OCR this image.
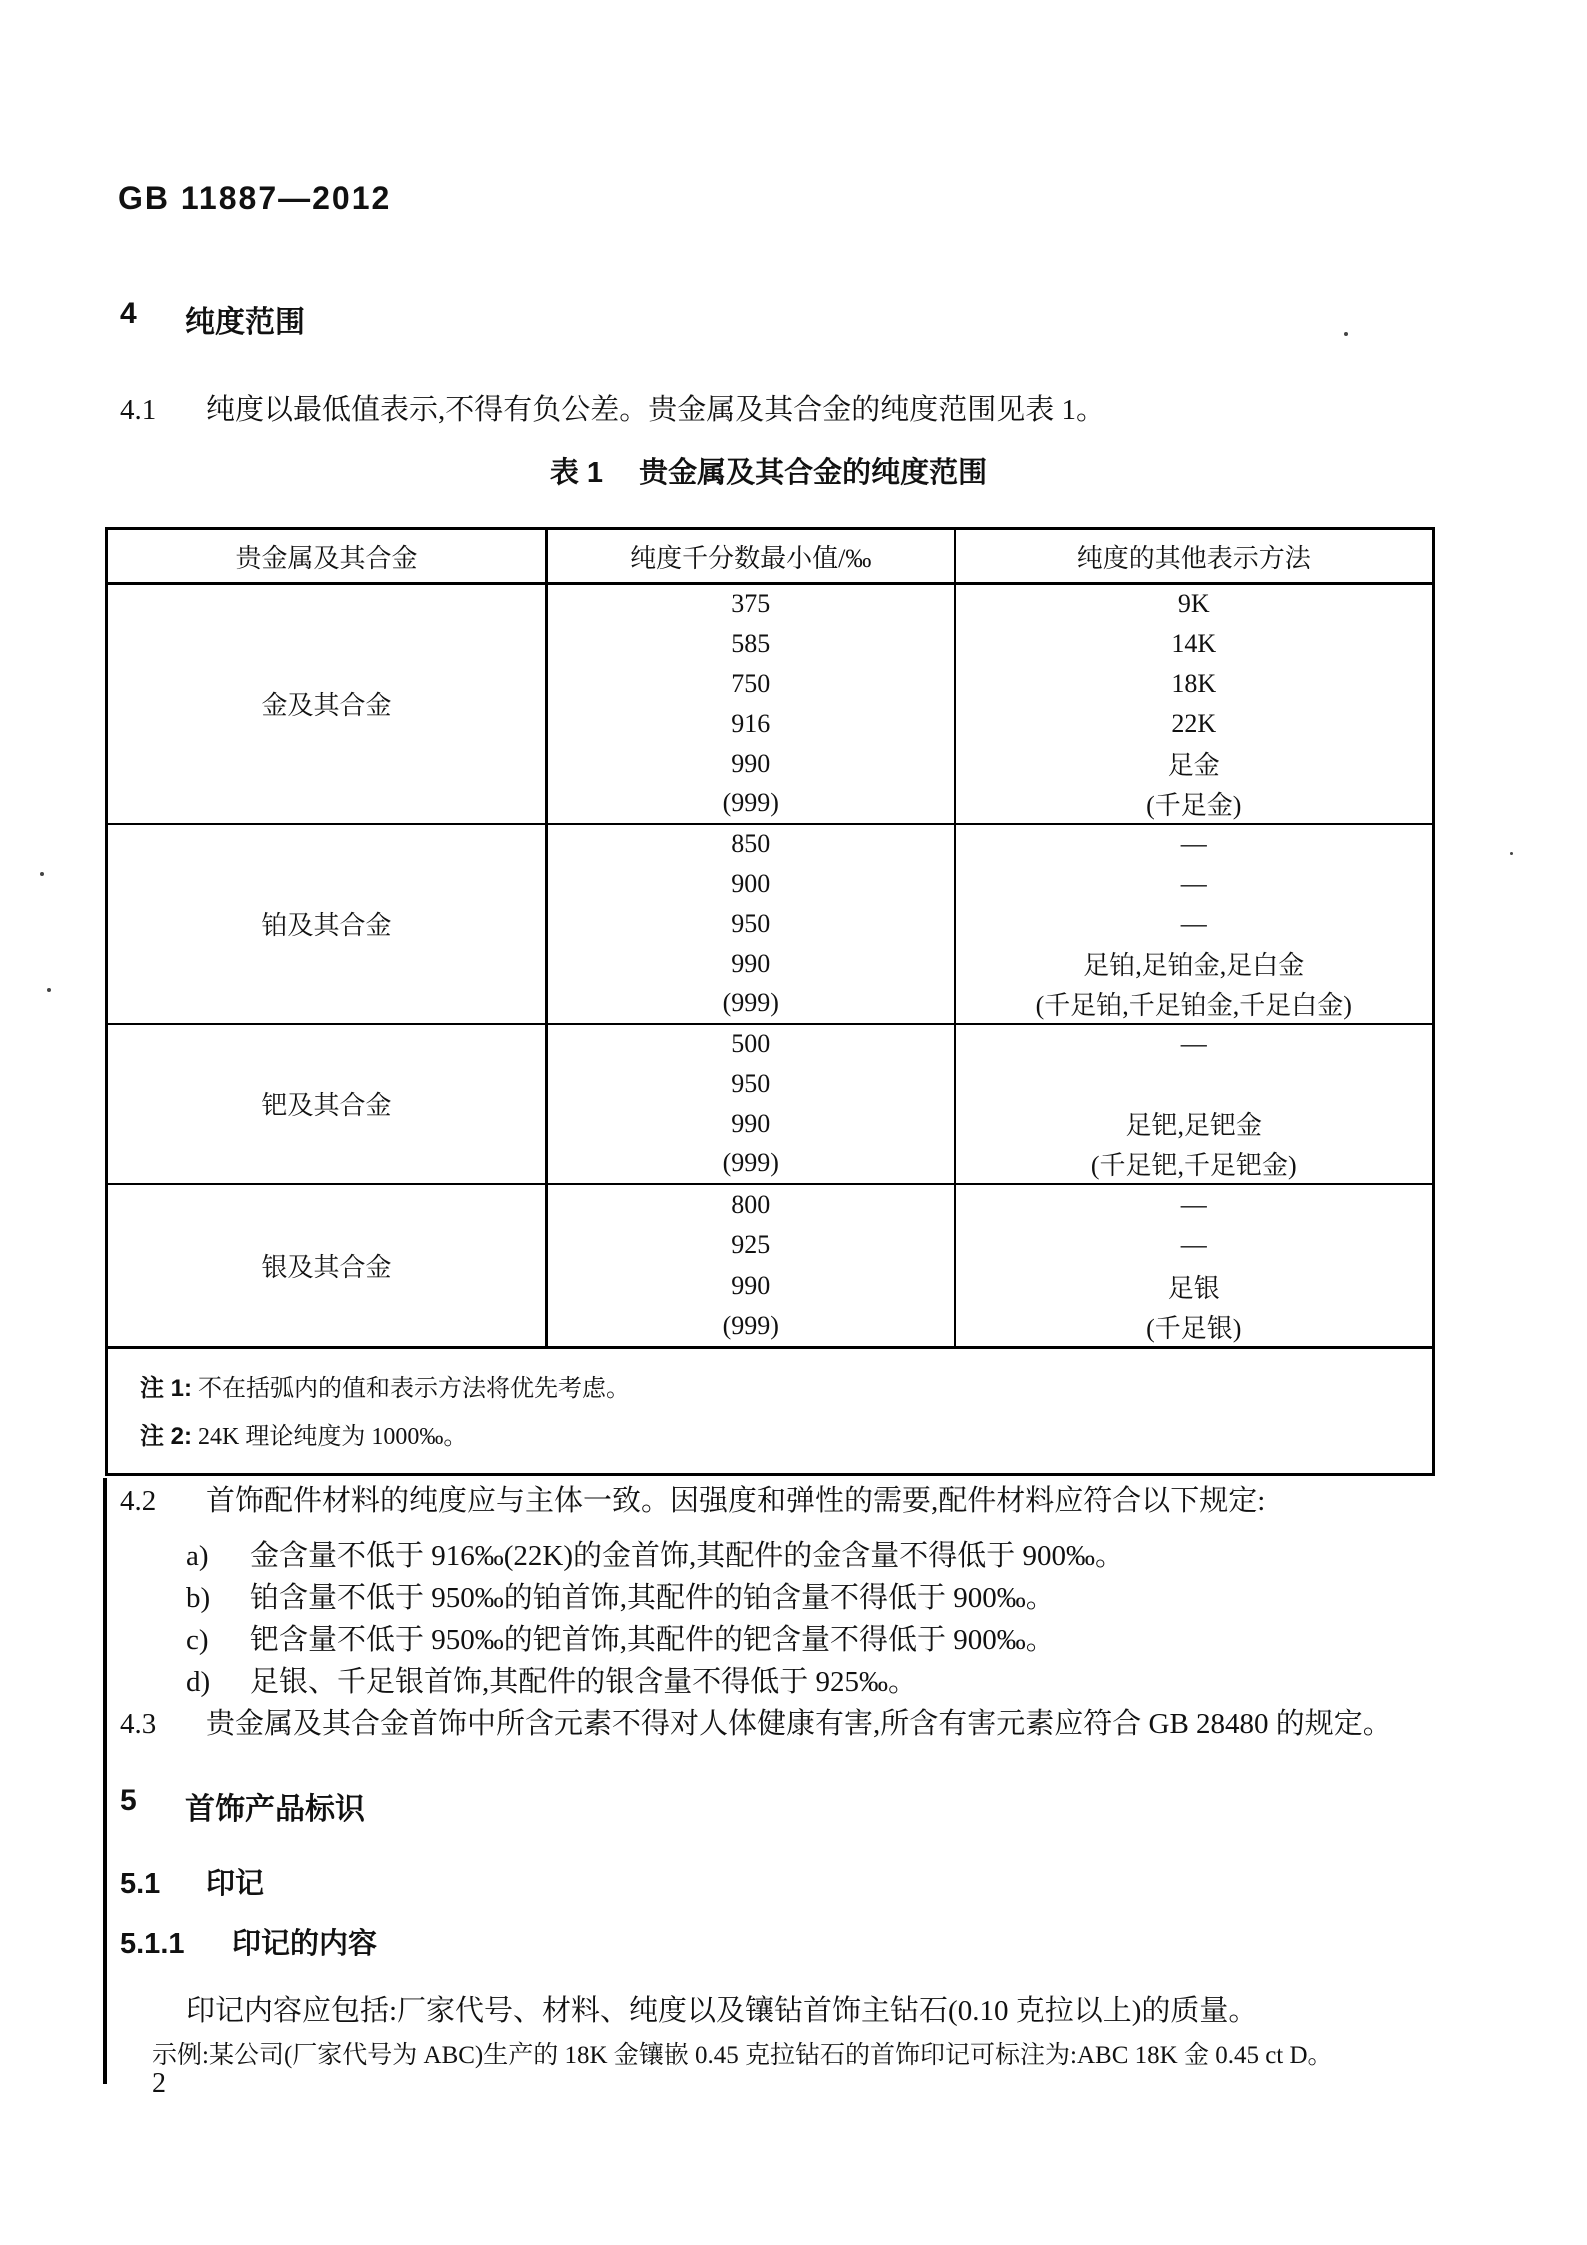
GB 11887—2012
4	纯度范围
4.1	纯度以最低值表示,不得有负公差。贵金属及其合金的纯度范围见表 1。
表 1 贵金属及其合金的纯度范围
贵金属及其合金	纯度千分数最小值/‰	纯度的其他表示方法
金及其合金	375	9K
	585	14K
	750	18K
	916	22K
	990	足金
	(999)	(千足金)
铂及其合金	850	—
	900	—
	950	—
	990	足铂,足铂金,足白金
	(999)	(千足铂,千足铂金,千足白金)
钯及其合金	500	—
	950	
	990	足钯,足钯金
	(999)	(千足钯,千足钯金)
银及其合金	800	—
	925	—
	990	足银
	(999)	(千足银)

注 1: 不在括弧内的值和表示方法将优先考虑。
注 2: 24K 理论纯度为 1000‰。		
4.2	首饰配件材料的纯度应与主体一致。因强度和弹性的需要,配件材料应符合以下规定:
a)	金含量不低于 916‰(22K)的金首饰,其配件的金含量不得低于 900‰。
b)	铂含量不低于 950‰的铂首饰,其配件的铂含量不得低于 900‰。
c)	钯含量不低于 950‰的钯首饰,其配件的钯含量不得低于 900‰。
d)	足银、千足银首饰,其配件的银含量不得低于 925‰。
4.3	贵金属及其合金首饰中所含元素不得对人体健康有害,所含有害元素应符合 GB 28480 的规定。
5	首饰产品标识
5.1	印记
5.1.1	印记的内容
印记内容应包括:厂家代号、材料、纯度以及镶钻首饰主钻石(0.10 克拉以上)的质量。
示例:某公司(厂家代号为 ABC)生产的 18K 金镶嵌 0.45 克拉钻石的首饰印记可标注为:ABC 18K 金 0.45 ct D。
2
